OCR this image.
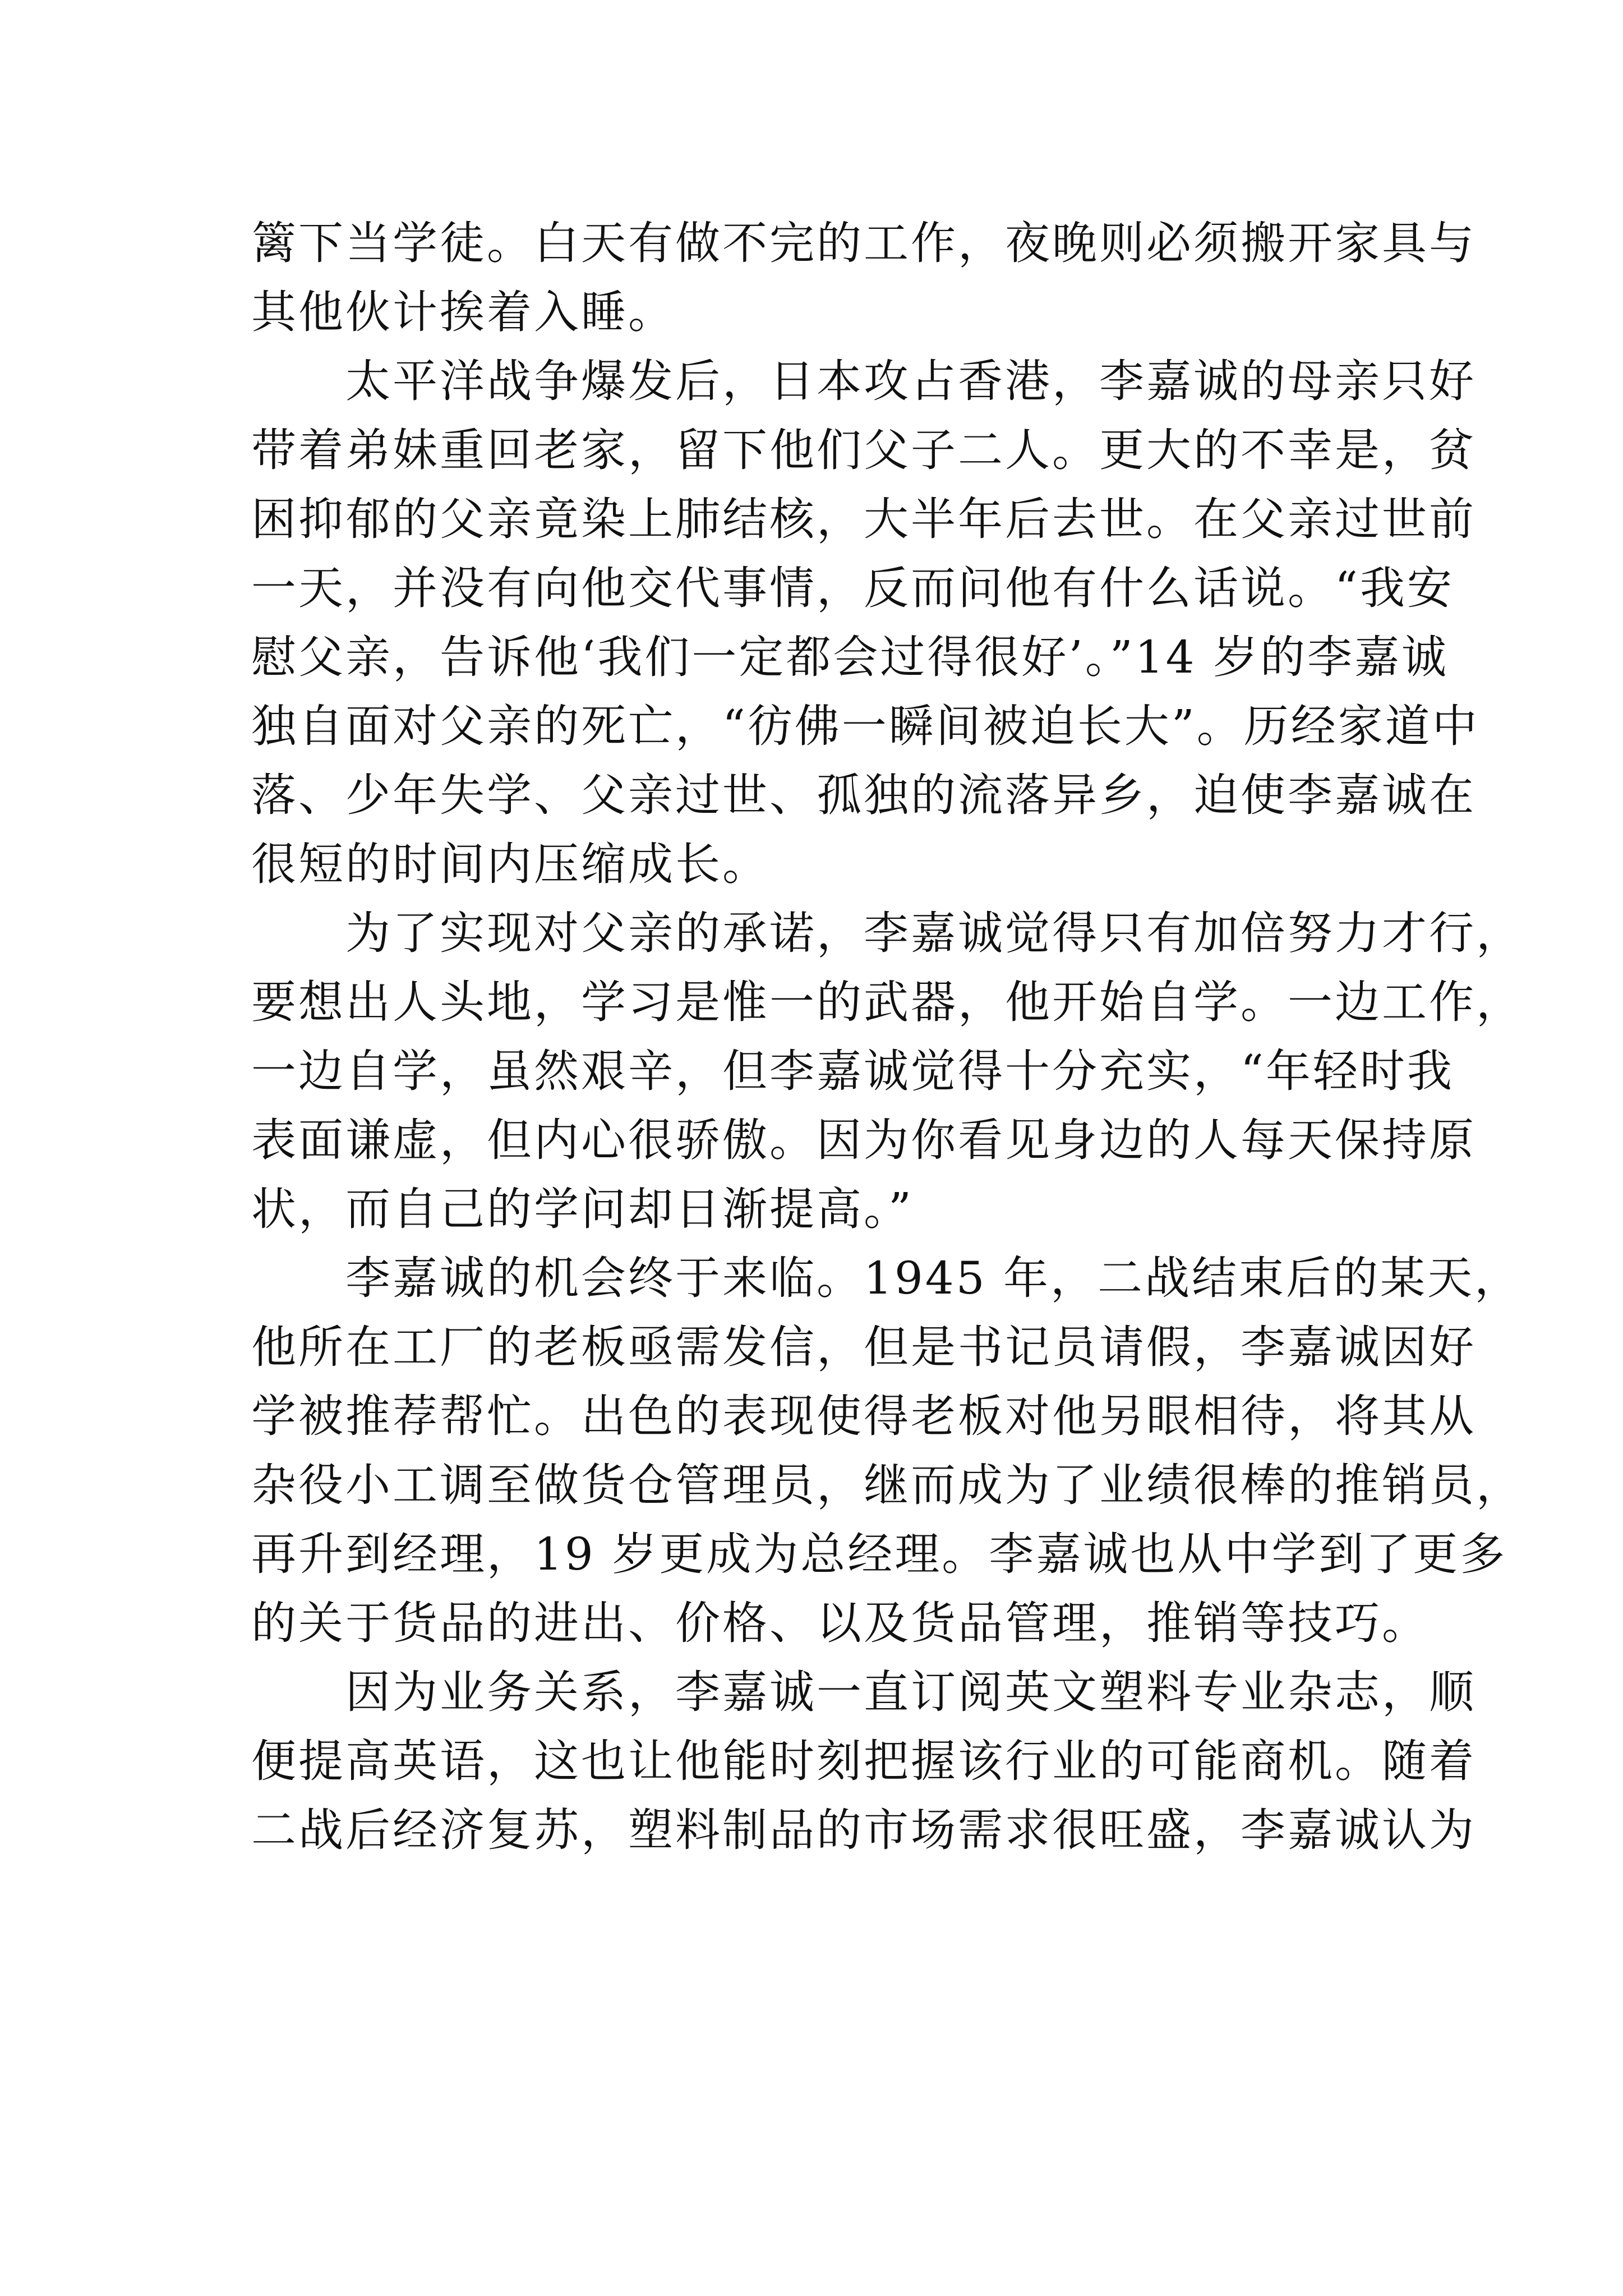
篱下当学徒。白天有做不完的工作，夜晚则必须搬开家具与
其他伙计挨着入睡。
太平洋战争爆发后，日本攻占香港，李嘉诚的母亲只好
带着弟妹重回老家，留下他们父子二人。更大的不幸是，贫
困抑郁的父亲竟染上肺结核，大半年后去世。在父亲过世前
一天，并没有向他交代事情，反而问他有什么话说。“我安
慰父亲，告诉他‘我们一定都会过得很好’。”14 岁的李嘉诚
独自面对父亲的死亡，“彷佛一瞬间被迫长大”。历经家道中
落、少年失学、父亲过世、孤独的流落异乡，迫使李嘉诚在
很短的时间内压缩成长。
为了实现对父亲的承诺，李嘉诚觉得只有加倍努力才行，
要想出人头地，学习是惟一的武器，他开始自学。一边工作，
一边自学，虽然艰辛，但李嘉诚觉得十分充实，“年轻时我
表面谦虚，但内心很骄傲。因为你看见身边的人每天保持原
状，而自己的学问却日渐提高。”
李嘉诚的机会终于来临。1945 年，二战结束后的某天，
他所在工厂的老板亟需发信，但是书记员请假，李嘉诚因好
学被推荐帮忙。出色的表现使得老板对他另眼相待，将其从
杂役小工调至做货仓管理员，继而成为了业绩很棒的推销员，
再升到经理，19 岁更成为总经理。李嘉诚也从中学到了更多
的关于货品的进出、价格、以及货品管理，推销等技巧。
因为业务关系，李嘉诚一直订阅英文塑料专业杂志，顺
便提高英语，这也让他能时刻把握该行业的可能商机。随着
二战后经济复苏，塑料制品的市场需求很旺盛，李嘉诚认为
